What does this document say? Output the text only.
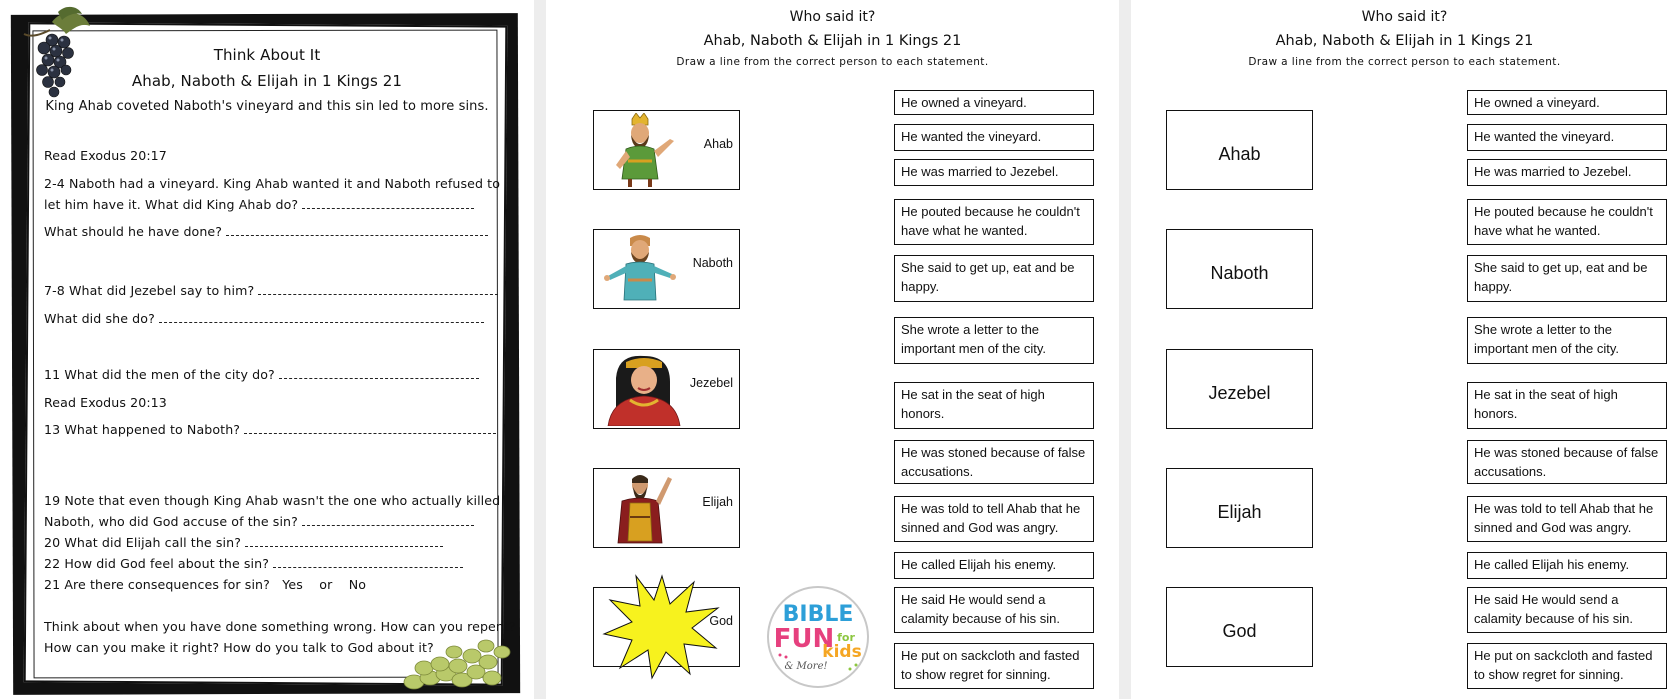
Think About It
Ahab, Naboth & Elijah in 1 Kings 21
King Ahab coveted Naboth's vineyard and this sin led to more sins.
Read Exodus 20:17
2-4 Naboth had a vineyard. King Ahab wanted it and Naboth refused to
let him have it. What did King Ahab do?
What should he have done?
7-8 What did Jezebel say to him?
What did she do?
11 What did the men of the city do?
Read Exodus 20:13
13 What happened to Naboth?
19 Note that even though King Ahab wasn't the one who actually killed
Naboth, who did God accuse of the sin?
20 What did Elijah call the sin?
22 How did God feel about the sin?
21 Are there consequences for sin?   Yes    or    No
Think about when you have done something wrong. How can you repent?
How can you make it right? How do you talk to God about it?
Who said it?
Ahab, Naboth & Elijah in 1 Kings 21
Draw a line from the correct person to each statement.
Ahab
Naboth
Jezebel
Elijah
God BIBLE
FUN for
kids
& More!
He owned a vineyard.
He wanted the vineyard.
He was married to Jezebel.
He pouted because he couldn't have what he wanted.
She said to get up, eat and be happy.
She wrote a letter to the important men of the city.
He sat in the seat of high honors.
He was stoned because of false accusations.
He was told to tell Ahab that he sinned and God was angry.
He called Elijah his enemy.
He said He would send a calamity because of his sin.
He put on sackcloth and fasted to show regret for sinning.
Who said it?
Ahab, Naboth & Elijah in 1 Kings 21
Draw a line from the correct person to each statement.
Ahab
Naboth
Jezebel
Elijah
God
He owned a vineyard.
He wanted the vineyard.
He was married to Jezebel.
He pouted because he couldn't have what he wanted.
She said to get up, eat and be happy.
She wrote a letter to the important men of the city.
He sat in the seat of high honors.
He was stoned because of false accusations.
He was told to tell Ahab that he sinned and God was angry.
He called Elijah his enemy.
He said He would send a calamity because of his sin.
He put on sackcloth and fasted to show regret for sinning.
